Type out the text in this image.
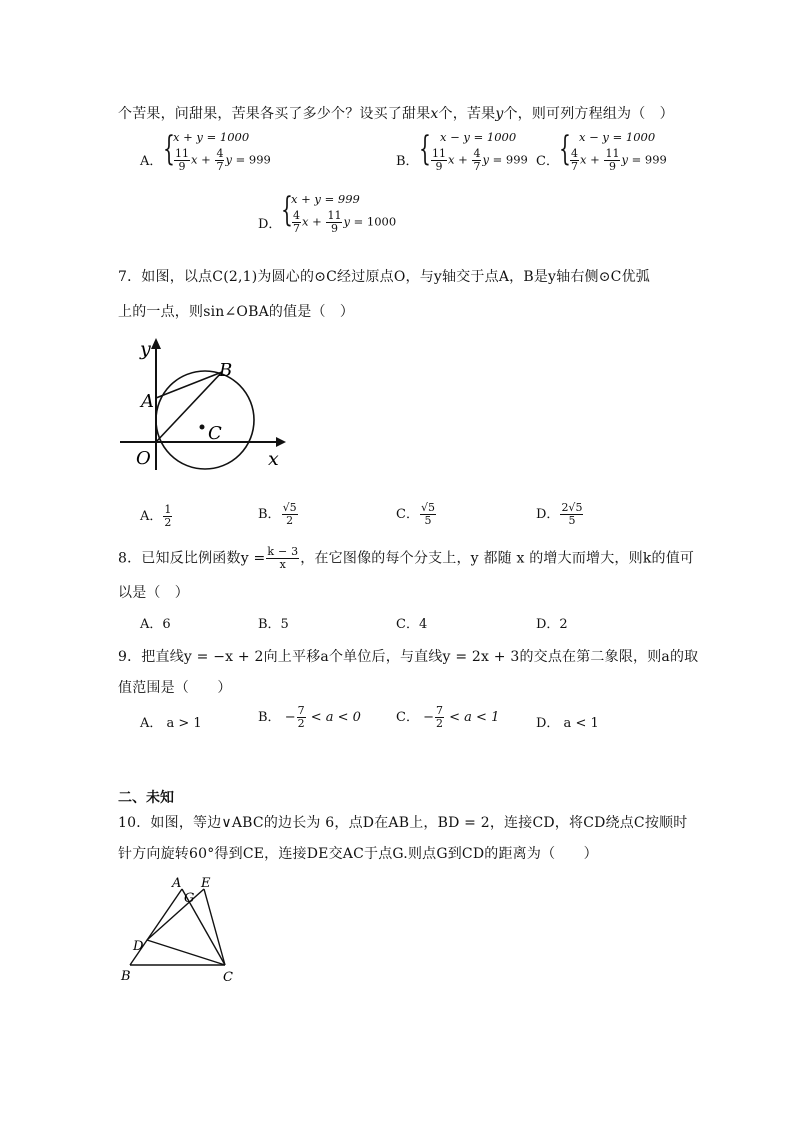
个苦果，问甜果，苦果各买了多少个？设买了甜果x个，苦果y个，则可列方程组为（　）
A． {
x + y = 1000
$\frac{11}{9}$ $x + \frac{4}{7}$ y = 999	B． { x − y = 1000
$\frac{11}{9}$ $x + \frac{4}{7}$ y = 999 C． { x − y = 1000
$\frac{4}{7}$ $x + \frac{11}{9}$ y = 999
D． {
x + y = 999
$\frac{4}{7}$ $x + \frac{11}{9}$ y = 1000
7．如图，以点C(2,1)为圆心的⊙C经过原点O，与y轴交于点A，B是y轴右侧⊙C优弧
上的一点，则sin∠OBA的值是（　）
y
x
O
A
B
C
A． $\frac{1}{2}$	B． $\frac{√5}{2}$	C． $\frac{√5}{5}$	D． $\frac{2√5}{5}$
8．已知反比例函数$y = \frac{k - 3}{x}$ ，在它图像的每个分支上，y 都随 x 的增大而增大，则k的值可
以是（　）
A．6	B．5	C．4	D．2
9．把直线y = −x + 2向上平移a个单位后，与直线y = 2x + 3的交点在第二象限，则a的取
值范围是（　　）
A． a > 1	B． − $\frac{7}{2} < a < 0$	C． − $\frac{7}{2} < a < 1$	D． a < 1
二、未知
10．如图，等边∨ABC的边长为 6，点D在AB上，BD = 2，连接CD，将CD绕点C按顺时
针方向旋转60°得到CE，连接DE交AC于点G.则点G到CD的距离为（　　）
A
G
E
D
B	C
